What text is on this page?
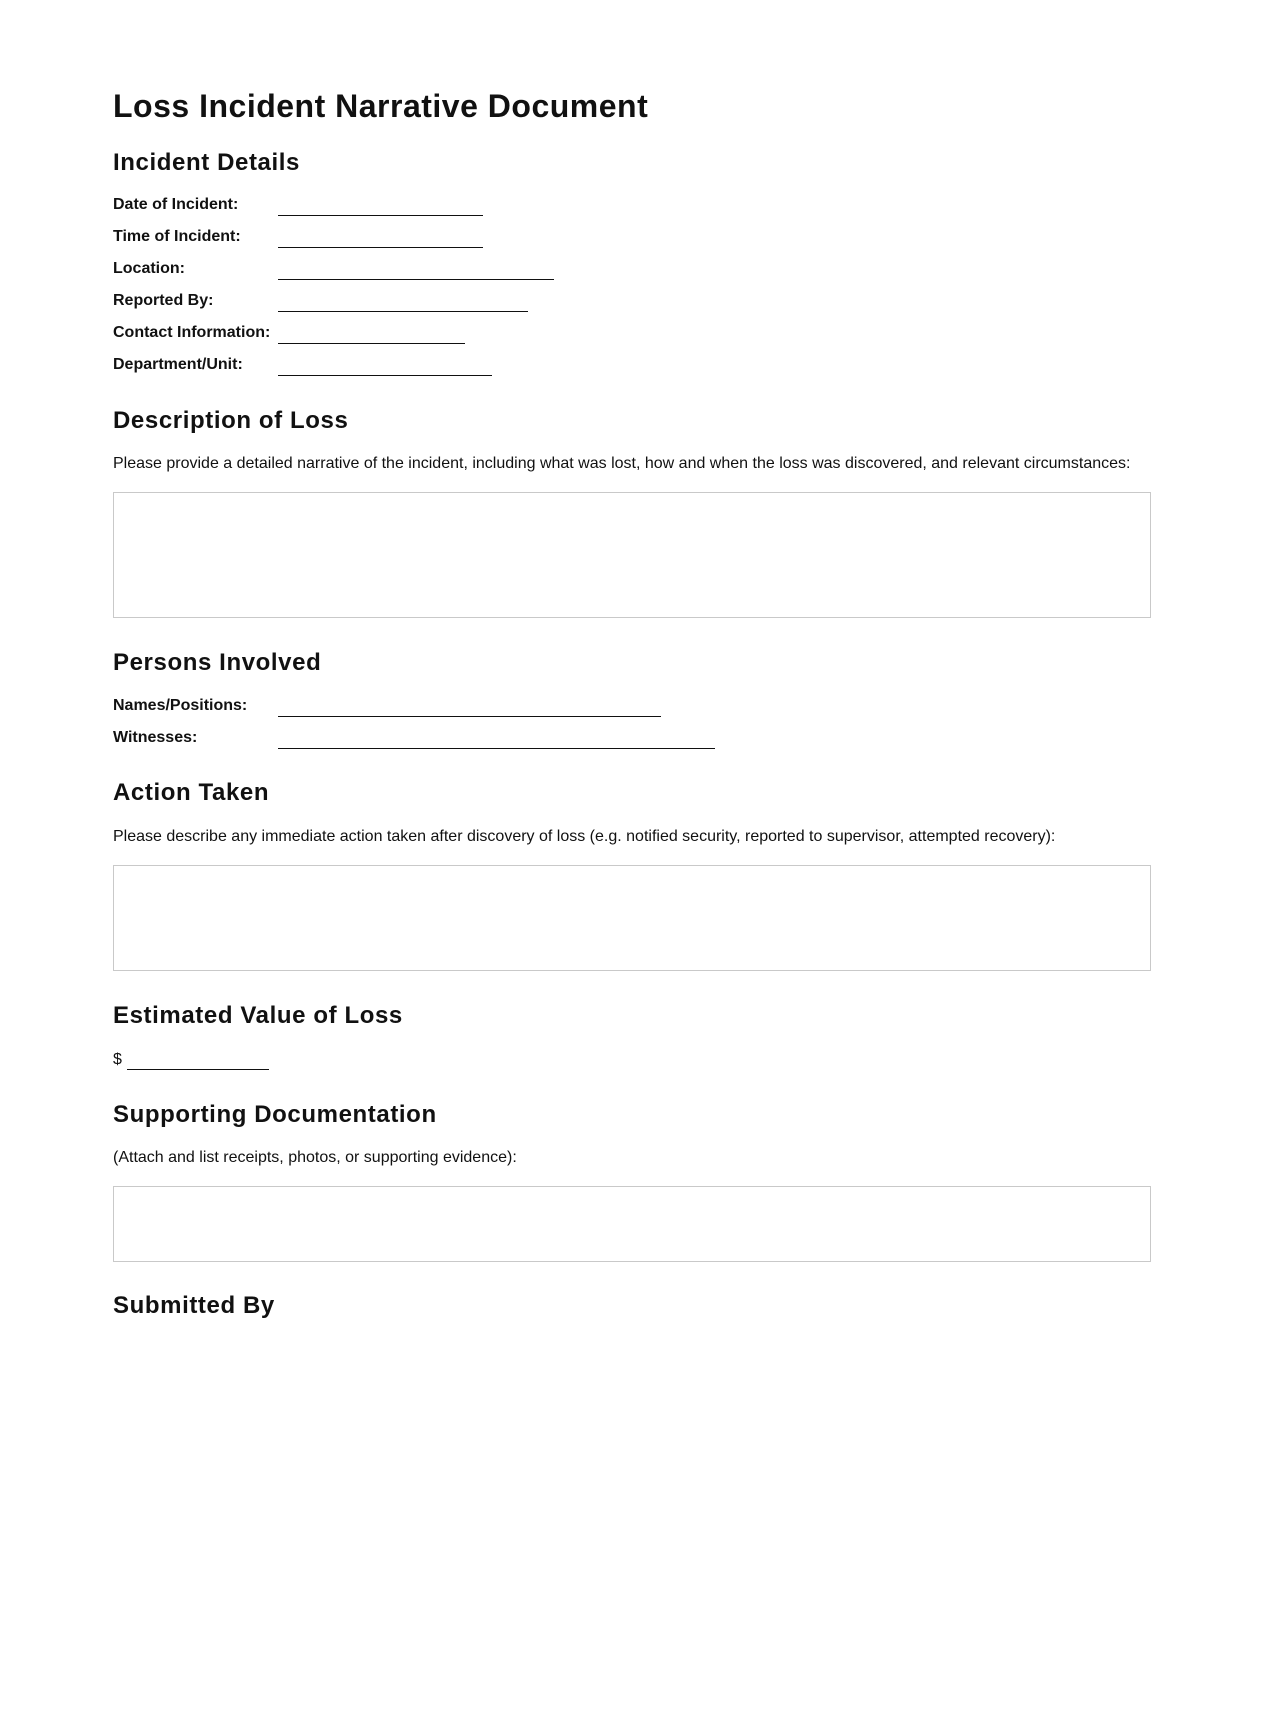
Loss Incident Narrative Document
Incident Details
Date of Incident:
Time of Incident:
Location:
Reported By:
Contact Information:
Department/Unit:
Description of Loss

Please provide a detailed narrative of the incident, including what was lost, how and when the loss was discovered, and relevant circumstances:

Persons Involved
Names/Positions:
Witnesses:
Action Taken

Please describe any immediate action taken after discovery of loss (e.g. notified security, reported to supervisor, attempted recovery):

Estimated Value of Loss
$
Supporting Documentation

(Attach and list receipts, photos, or supporting evidence):

Submitted By
